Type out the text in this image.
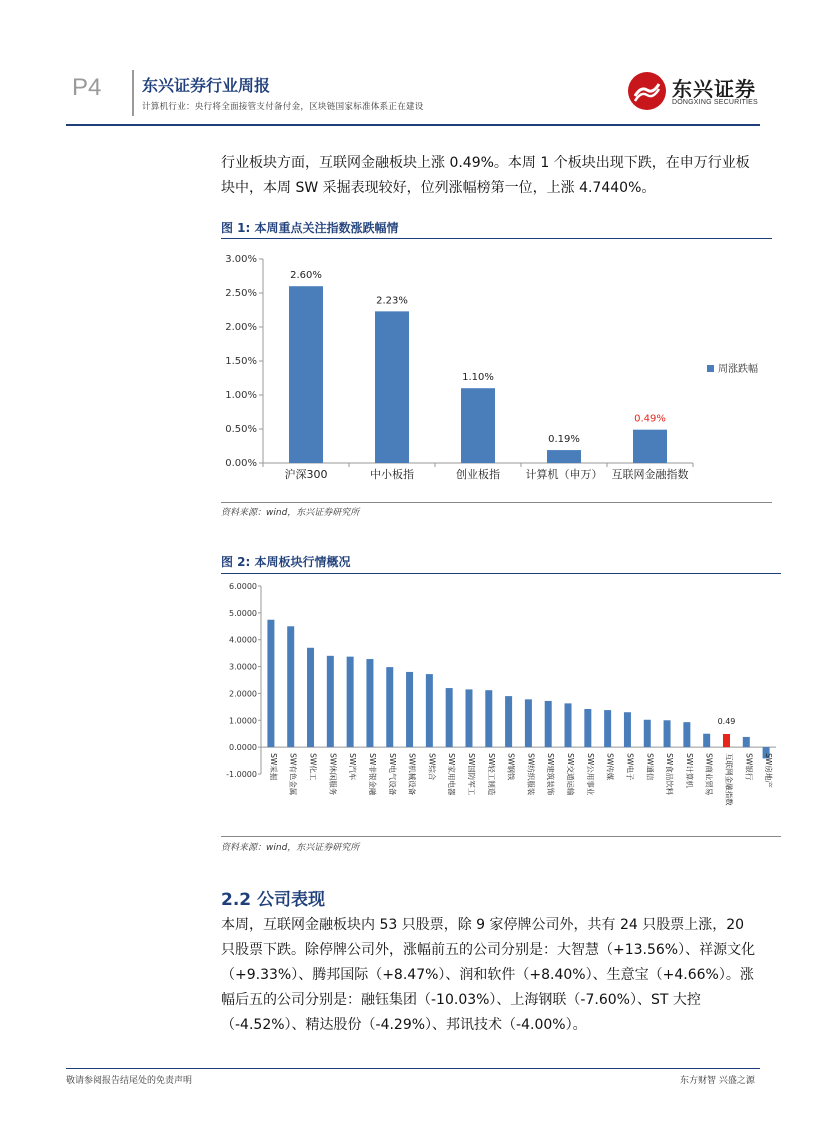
P4	东兴证券行业周报
计算机行业：央行将全面接管支付备付金，区块链国家标准体系正在建设
东兴证券
DONGXING SECURITIES
行业板块方面，互联网金融板块上涨 0.49%。本周 1 个板块出现下跌，在申万行业板块中，本周 SW 采掘表现较好，位列涨幅榜第一位，上涨 4.7440%。
图 1: 本周重点关注指数涨跌幅情
0.00%
0.50%
1.00%
1.50%
2.00%
2.50%
3.00%
2.60%
沪深300
2.23%
中小板指
1.10%
创业板指
0.19%
计算机（申万）
0.49%
互联网金融指数
周涨跌幅
资料来源：wind，东兴证券研究所
图 2: 本周板块行情概况
-1.0000
0.0000
1.0000
2.0000
3.0000
4.0000
5.0000
6.0000
SW采掘 SW有色金属 SW化工 SW休闲服务 SW汽车 SW非银金融 SW电气设备 SW机械设备 SW综合 SW家用电器 SW国防军工 SW轻工制造 SW钢铁 SW纺织服装 SW建筑装饰 SW交通运输 SW公用事业 SW传媒 SW电子 SW通信 SW食品饮料 SW计算机 SW商业贸易
0.49
互联网金融指数 SW银行 SW房地产
资料来源：wind，东兴证券研究所
2.2 公司表现
本周，互联网金融板块内 53 只股票，除 9 家停牌公司外，共有 24 只股票上涨，20 只股票下跌。除停牌公司外，涨幅前五的公司分别是：大智慧（+13.56%）、祥源文化（+9.33%）、腾邦国际（+8.47%）、润和软件（+8.40%）、生意宝（+4.66%）。涨幅后五的公司分别是：融钰集团（-10.03%）、上海钢联（-7.60%）、ST 大控（-4.52%）、精达股份（-4.29%）、邦讯技术（-4.00%）。
敬请参阅报告结尾处的免责声明	东方财智 兴盛之源
